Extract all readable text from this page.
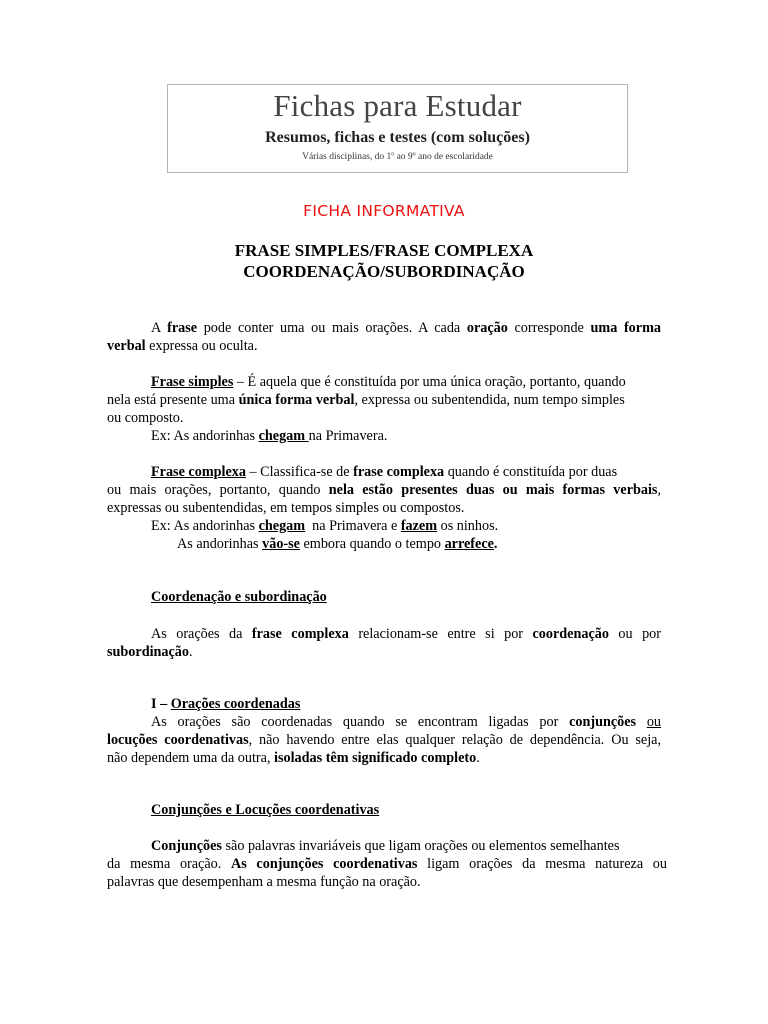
Fichas para Estudar
Resumos, fichas e testes (com soluções)
Várias disciplinas, do 1º ao 9º ano de escolaridade
FICHA INFORMATIVA
FRASE SIMPLES/FRASE COMPLEXA
COORDENAÇÃO/SUBORDINAÇÃO
A frase pode conter uma ou mais orações. A cada oração corresponde uma forma
verbal expressa ou oculta.
Frase simples – É aquela que é constituída por uma única oração, portanto, quando
nela está presente uma única forma verbal, expressa ou subentendida, num tempo simples
ou composto.
Ex: As andorinhas chegam na Primavera.
Frase complexa – Classifica-se de frase complexa quando é constituída por duas
ou mais orações, portanto, quando nela estão presentes duas ou mais formas verbais,
expressas ou subentendidas, em tempos simples ou compostos.
Ex: As andorinhas chegam  na Primavera e fazem os ninhos.
As andorinhas vão-se embora quando o tempo arrefece.
Coordenação e subordinação
As orações da frase complexa relacionam-se entre si por coordenação ou por
subordinação.
I – Orações coordenadas
As orações são coordenadas quando se encontram ligadas por conjunções ou
locuções coordenativas, não havendo entre elas qualquer relação de dependência. Ou seja,
não dependem uma da outra, isoladas têm significado completo.
Conjunções e Locuções coordenativas
Conjunções são palavras invariáveis que ligam orações ou elementos semelhantes
da mesma oração. As conjunções coordenativas ligam orações da mesma natureza ou
palavras que desempenham a mesma função na oração.
